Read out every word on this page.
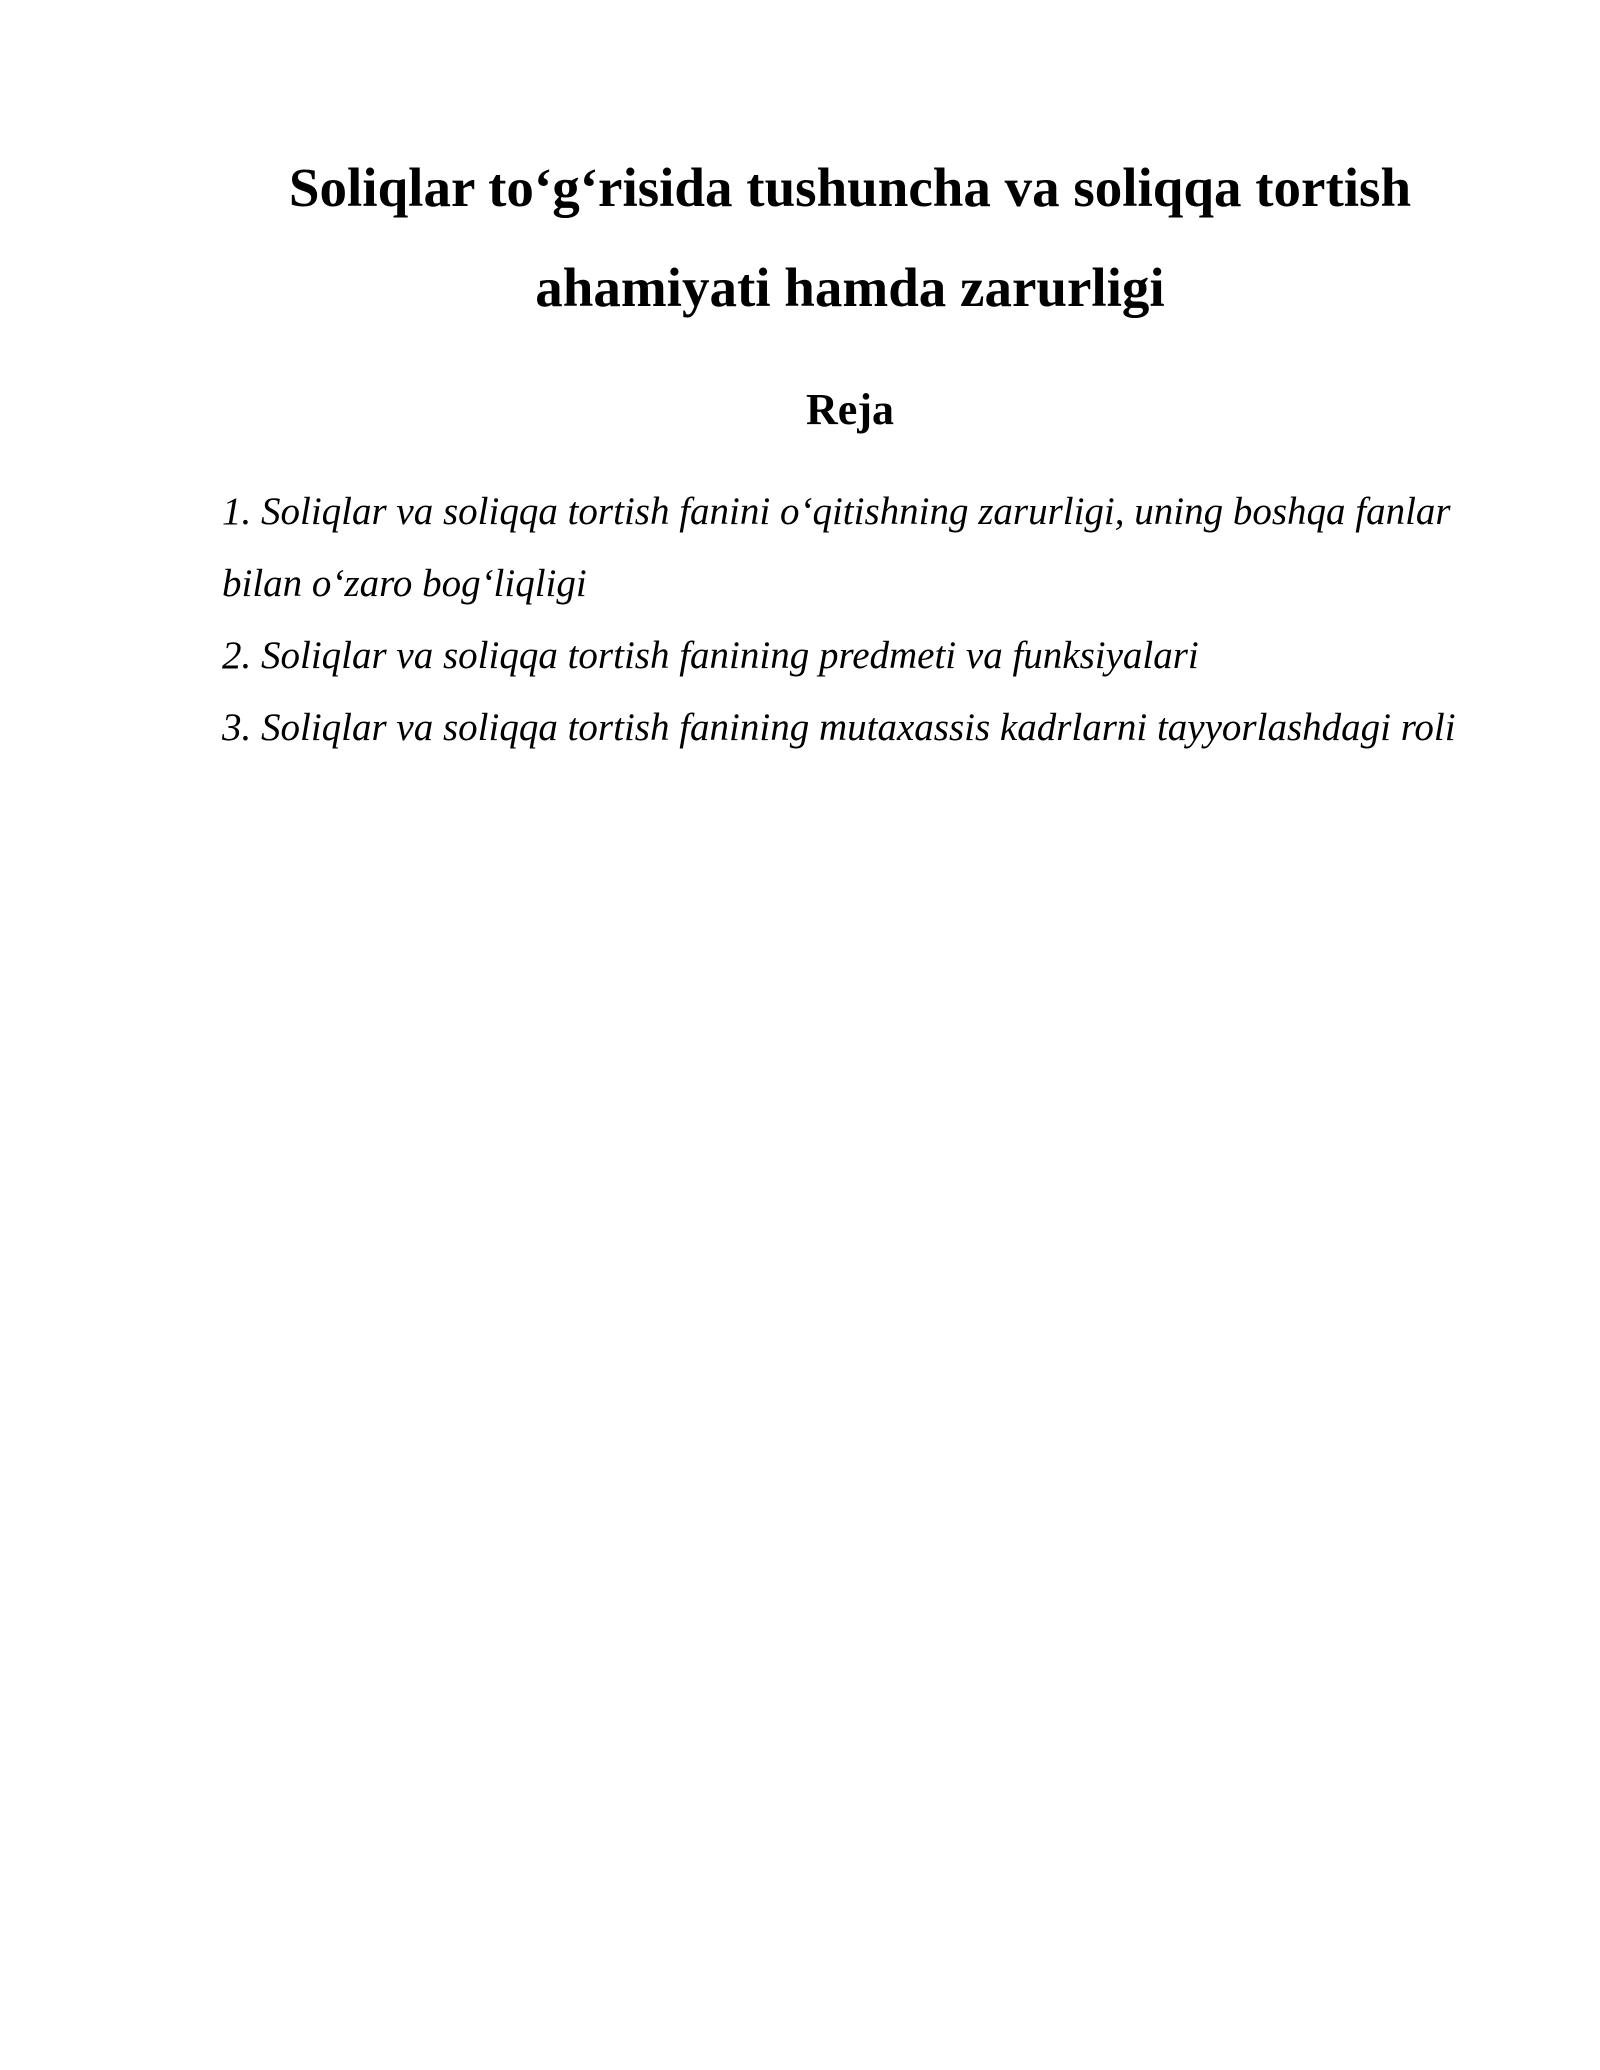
Soliqlar to‘g‘risida tushuncha va soliqqa tortish ahamiyati hamda zarurligi
Reja
1. Soliqlar va soliqqa tortish fanini o‘qitishning zarurligi, uning boshqa fanlar bilan o‘zaro bog‘liqligi
2. Soliqlar va soliqqa tortish fanining predmeti va funksiyalari
3. Soliqlar va soliqqa tortish fanining mutaxassis kadrlarni tayyorlashdagi roli
